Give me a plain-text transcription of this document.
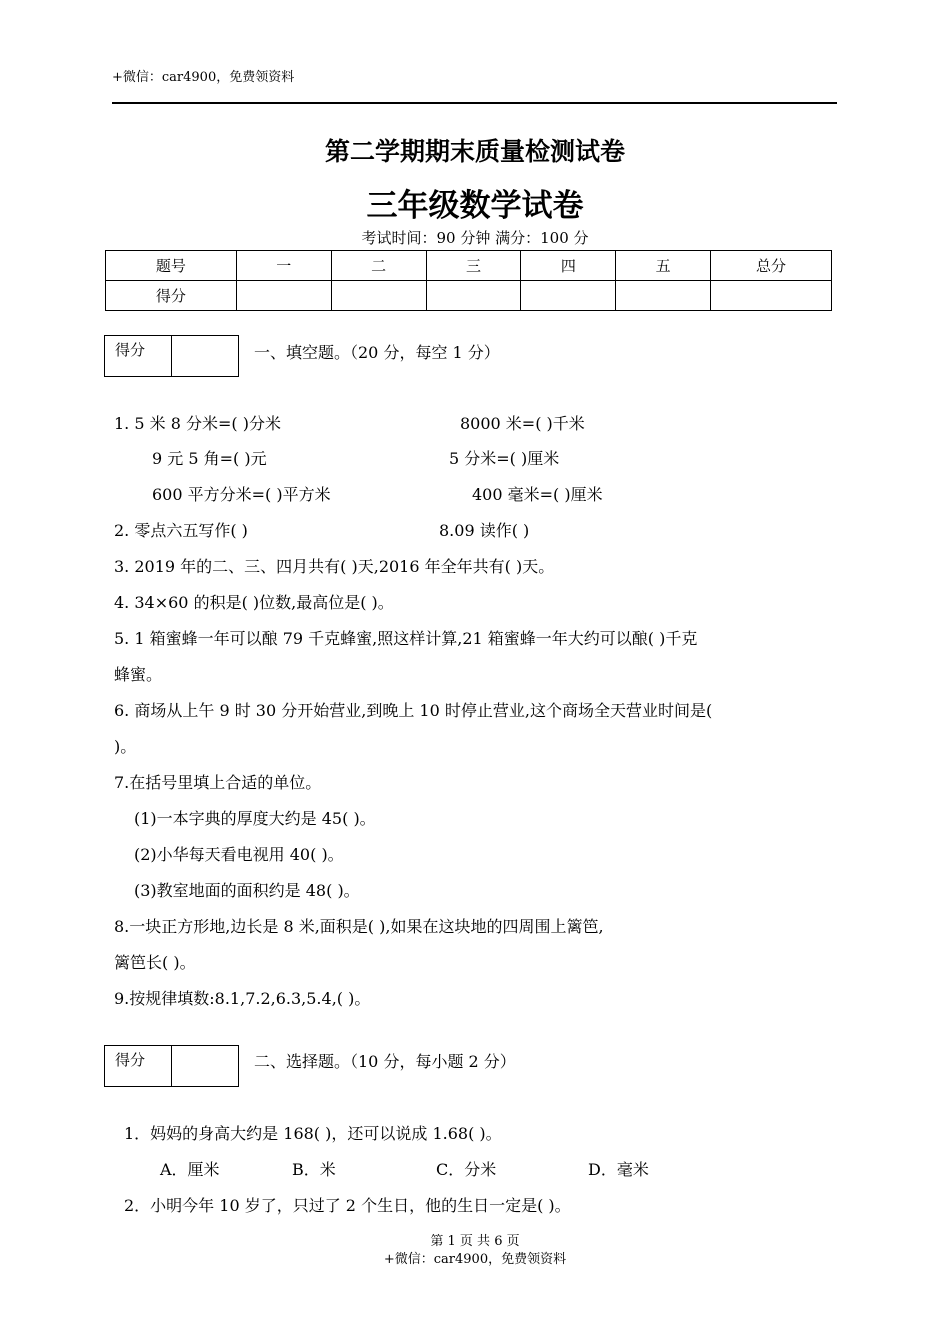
+微信：car4900，免费领资料
第二学期期末质量检测试卷
三年级数学试卷
考试时间：90 分钟 满分：100 分
题号	一	二	三	四	五	总分
得分						
得分	一、填空题。（20 分，每空 1 分）
1. 5 米 8 分米=( )分米	8000 米=( )千米
9 元 5 角=( )元	5 分米=( )厘米
600 平方分米=( )平方米	400 毫米=( )厘米
2. 零点六五写作( )	8.09 读作( )
3. 2019 年的二、三、四月共有( )天,2016 年全年共有( )天。
4. 34×60 的积是( )位数,最高位是( )。
5. 1 箱蜜蜂一年可以酿 79 千克蜂蜜,照这样计算,21 箱蜜蜂一年大约可以酿( )千克
蜂蜜。
6. 商场从上午 9 时 30 分开始营业,到晚上 10 时停止营业,这个商场全天营业时间是(
)。
7.在括号里填上合适的单位。
(1)一本字典的厚度大约是 45( )。
(2)小华每天看电视用 40( )。
(3)教室地面的面积约是 48( )。
8.一块正方形地,边长是 8 米,面积是( ),如果在这块地的四周围上篱笆,
篱笆长( )。
9.按规律填数:8.1,7.2,6.3,5.4,( )。
得分	二、选择题。（10 分，每小题 2 分）
1．妈妈的身高大约是 168( )，还可以说成 1.68( )。
A．厘米	B．米	C．分米	D．毫米
2．小明今年 10 岁了，只过了 2 个生日，他的生日一定是( )。
第 1 页 共 6 页
+微信：car4900，免费领资料
